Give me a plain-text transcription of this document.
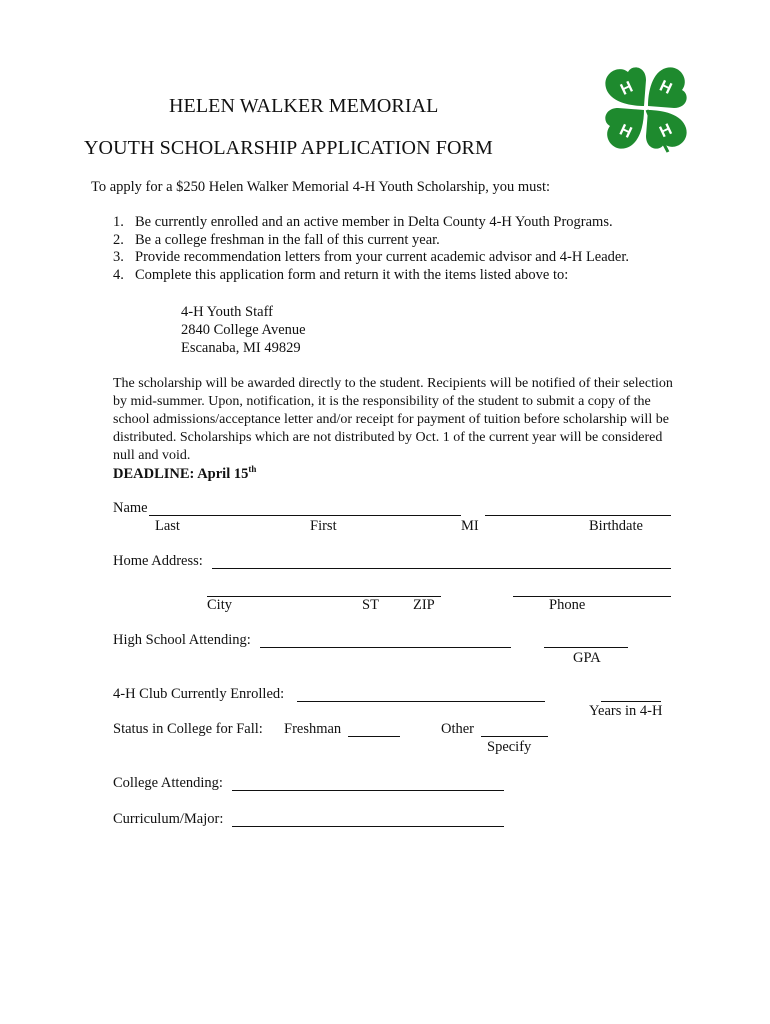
H H
H H
HELEN WALKER MEMORIAL
YOUTH SCHOLARSHIP APPLICATION FORM
To apply for a $250 Helen Walker Memorial 4-H Youth Scholarship, you must:
1. Be currently enrolled and an active member in Delta County 4-H Youth Programs.
2. Be a college freshman in the fall of this current year.
3. Provide recommendation letters from your current academic advisor and 4-H Leader.
4. Complete this application form and return it with the items listed above to:
4-H Youth Staff
2840 College Avenue
Escanaba, MI 49829
The scholarship will be awarded directly to the student. Recipients will be notified of their selection by mid-summer. Upon, notification, it is the responsibility of the student to submit a copy of the school admissions/acceptance letter and/or receipt for payment of tuition before scholarship will be distributed. Scholarships which are not distributed by Oct. 1 of the current year will be considered null and void.
DEADLINE: April 15th
Name
Last	First	MI	Birthdate
Home Address:
City	ST ZIP	Phone
High School Attending:
GPA
4-H Club Currently Enrolled:
Years in 4-H
Status in College for Fall: Freshman	Other
Specify
College Attending:
Curriculum/Major:
